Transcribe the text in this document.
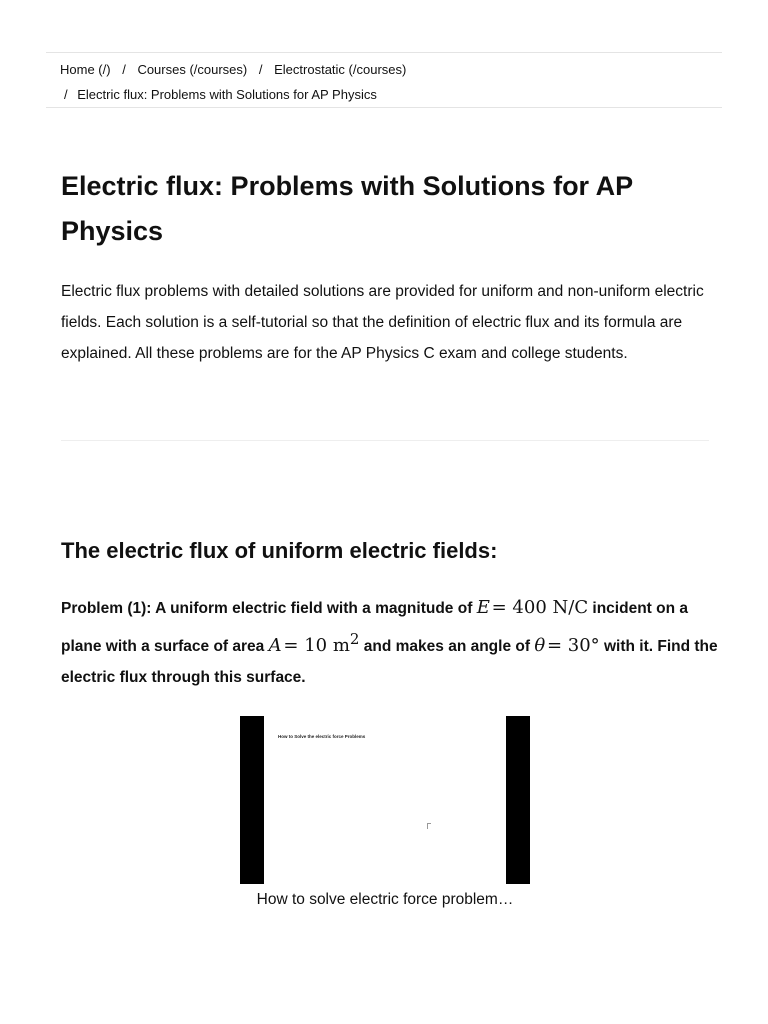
Home (/) / Courses (/courses) / Electrostatic (/courses)
/ Electric flux: Problems with Solutions for AP Physics
Electric flux: Problems with Solutions for AP Physics

Electric flux problems with detailed solutions are provided for uniform and non-uniform electric fields. Each solution is a self-tutorial so that the definition of electric flux and its formula are explained. All these problems are for the AP Physics C exam and college students.

The electric flux of uniform electric fields:

Problem (1): A uniform electric field with a magnitude of E = 400 N/C incident on a plane with a surface of area A = 10 $m^2$ and makes an angle of θ = 30° with it. Find the electric flux through this surface.

How to Solve the electric force Problems
How to solve electric force problem…
